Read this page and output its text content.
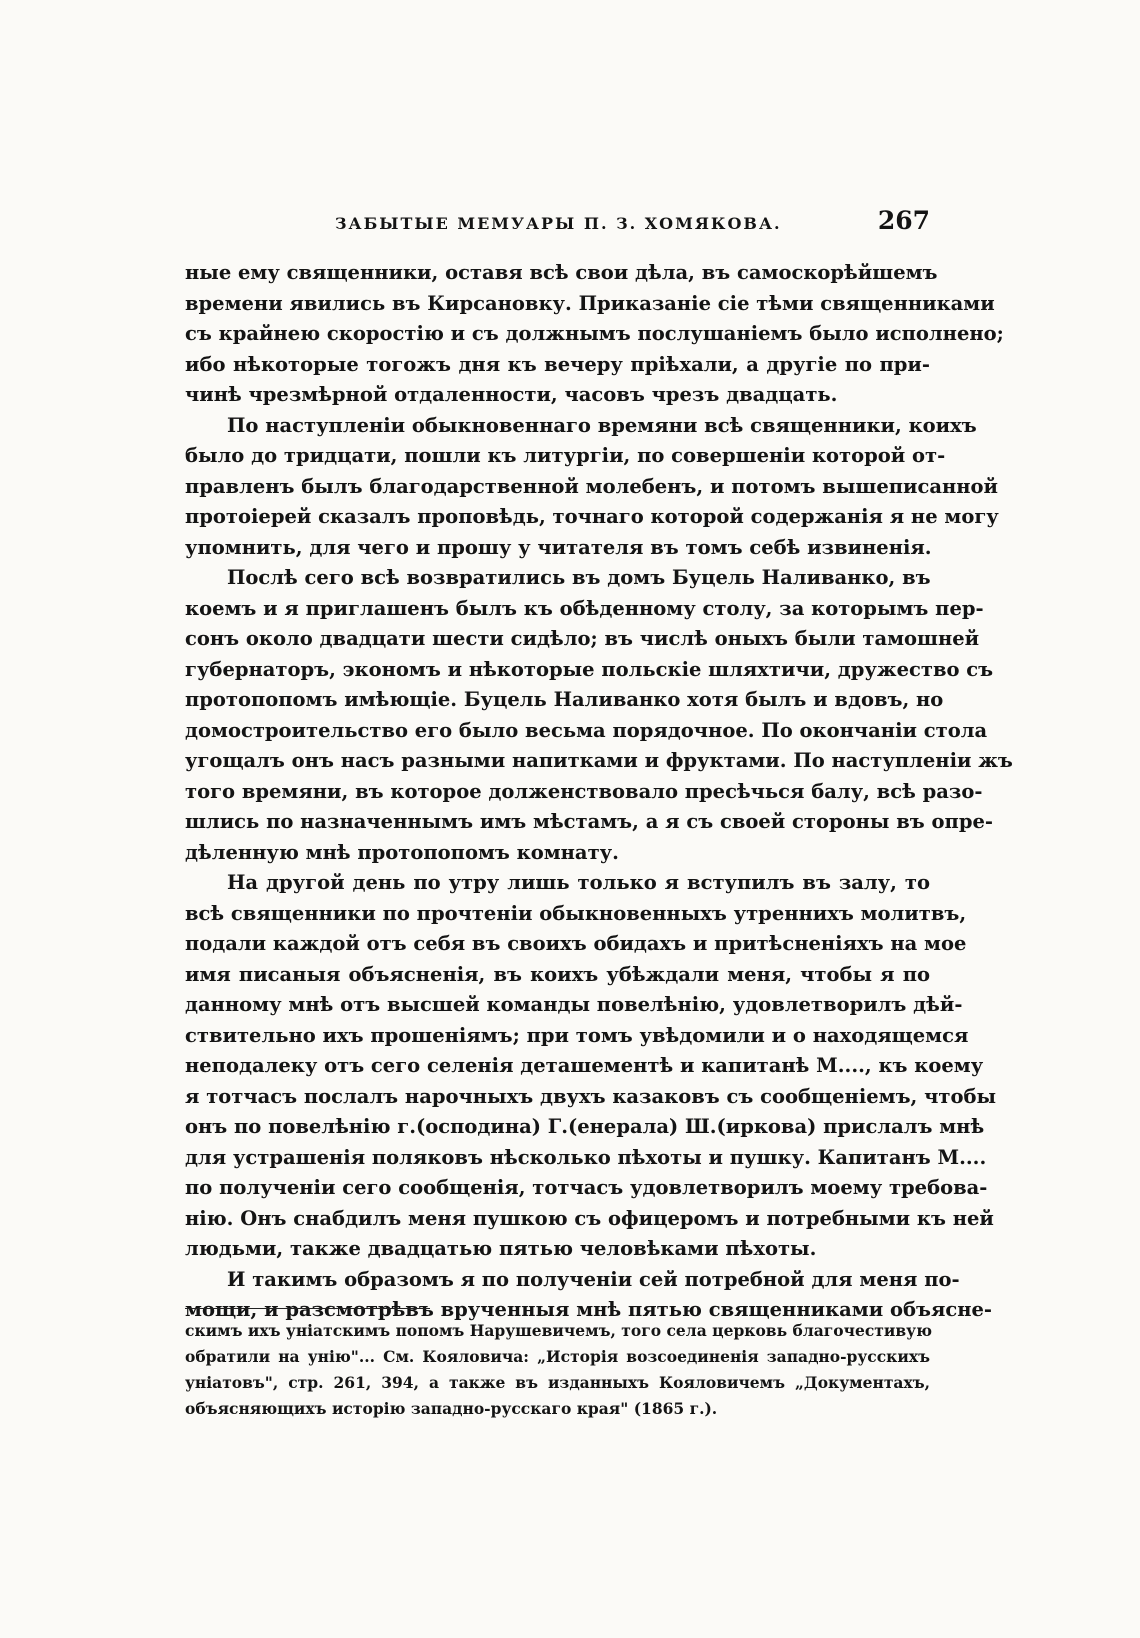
ЗАБЫТЫЕ МЕМУАРЫ П. З. ХОМЯКОВА.	267
ные ему священники, оставя всѣ свои дѣла, въ самоскорѣйшемъ
времени явились въ Кирсановку. Приказаніе сіе тѣми священниками
съ крайнею скоростію и съ должнымъ послушаніемъ было исполнено;
ибо нѣкоторые тогожъ дня къ вечеру пріѣхали, а другіе по при-
чинѣ чрезмѣрной отдаленности, часовъ чрезъ двадцать.
По наступленіи обыкновеннаго времяни всѣ священники, коихъ
было до тридцати, пошли къ литургіи, по совершеніи которой от-
правленъ былъ благодарственной молебенъ, и потомъ вышеписанной
протоіерей сказалъ проповѣдь, точнаго которой содержанія я не могу
упомнить, для чего и прошу у читателя въ томъ себѣ извиненія.
Послѣ сего всѣ возвратились въ домъ Буцель Наливанко, въ
коемъ и я приглашенъ былъ къ обѣденному столу, за которымъ пер-
сонъ около двадцати шести сидѣло; въ числѣ оныхъ были тамошней
губернаторъ, экономъ и нѣкоторые польскіе шляхтичи, дружество съ
протопопомъ имѣющіе. Буцель Наливанко хотя былъ и вдовъ, но
домостроительство его было весьма порядочное. По окончаніи стола
угощалъ онъ насъ разными напитками и фруктами. По наступленіи жъ
того времяни, въ которое долженствовало пресѣчься балу, всѣ разо-
шлись по назначеннымъ имъ мѣстамъ, а я съ своей стороны въ опре-
дѣленную мнѣ протопопомъ комнату.
На другой день по утру лишь только я вступилъ въ залу, то
всѣ священники по прочтеніи обыкновенныхъ утреннихъ молитвъ,
подали каждой отъ себя въ своихъ обидахъ и притѣсненіяхъ на мое
имя писаныя объясненія, въ коихъ убѣждали меня, чтобы я по
данному мнѣ отъ высшей команды повелѣнію, удовлетворилъ дѣй-
ствительно ихъ прошеніямъ; при томъ увѣдомили и о находящемся
неподалеку отъ сего селенія деташементѣ и капитанѣ М...., къ коему
я тотчасъ послалъ нарочныхъ двухъ казаковъ съ сообщеніемъ, чтобы
онъ по повелѣнію г.(осподина) Г.(енерала) Ш.(иркова) прислалъ мнѣ
для устрашенія поляковъ нѣсколько пѣхоты и пушку. Капитанъ М....
по полученіи сего сообщенія, тотчасъ удовлетворилъ моему требова-
нію. Онъ снабдилъ меня пушкою съ офицеромъ и потребными къ ней
людьми, также двадцатью пятью человѣками пѣхоты.
И такимъ образомъ я по полученіи сей потребной для меня по-
мощи, и разсмотрѣвъ врученныя мнѣ пятью священниками объясне-
скимъ ихъ уніатскимъ попомъ Нарушевичемъ, того села церковь благочестивую
обратили на унію"... См. Кояловича: „Исторія возсоединенія западно-русскихъ
уніатовъ", стр. 261, 394, а также въ изданныхъ Кояловичемъ „Документахъ,
объясняющихъ исторію западно-русскаго края" (1865 г.).
